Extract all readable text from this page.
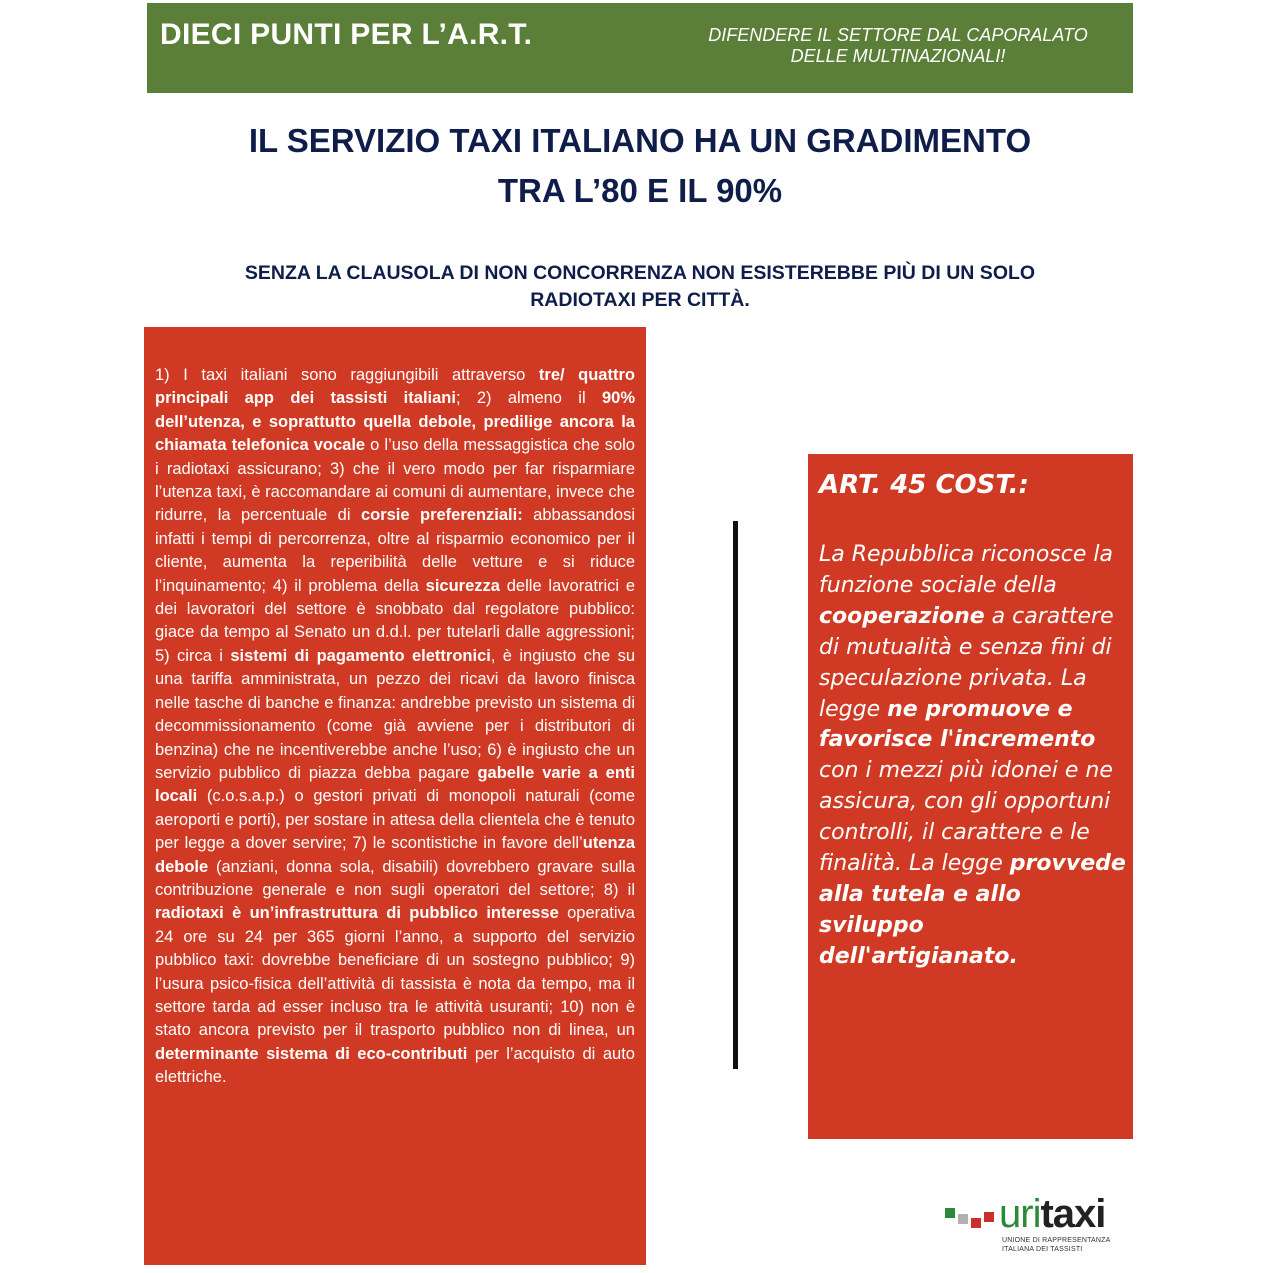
DIECI PUNTI PER L’A.R.T.	DIFENDERE IL SETTORE DAL CAPORALATO
DELLE MULTINAZIONALI!
IL SERVIZIO TAXI ITALIANO HA UN GRADIMENTO
TRA L’80 E IL 90%
SENZA LA CLAUSOLA DI NON CONCORRENZA NON ESISTEREBBE PIÙ DI UN SOLO
RADIOTAXI PER CITTÀ.

1) I taxi italiani sono raggiungibili attraverso tre/ quattro principali app dei tassisti italiani; 2) almeno il 90% dell’utenza, e soprattutto quella debole, predilige ancora la chiamata telefonica vocale o l’uso della messaggistica che solo i radiotaxi assicurano; 3) che il vero modo per far risparmiare l’utenza taxi, è raccomandare ai comuni di aumentare, invece che ridurre, la percentuale di corsie preferenziali: abbassandosi infatti i tempi di percorrenza, oltre al risparmio economico per il cliente, aumenta la reperibilità delle vetture e si riduce l’inquinamento; 4) il problema della sicurezza delle lavoratrici e dei lavoratori del settore è snobbato dal regolatore pubblico: giace da tempo al Senato un d.d.l. per tutelarli dalle aggressioni; 5) circa i sistemi di pagamento elettronici, è ingiusto che su una tariffa amministrata, un pezzo dei ricavi da lavoro finisca nelle tasche di banche e finanza: andrebbe previsto un sistema di decommissionamento (come già avviene per i distributori di benzina) che ne incentiverebbe anche l’uso; 6) è ingiusto che un servizio pubblico di piazza debba pagare gabelle varie a enti locali (c.o.s.a.p.) o gestori privati di monopoli naturali (come aeroporti e porti), per sostare in attesa della clientela che è tenuto per legge a dover servire; 7) le scontistiche in favore dell’utenza debole (anziani, donna sola, disabili) dovrebbero gravare sulla contribuzione generale e non sugli operatori del settore; 8) il radiotaxi è un’infrastruttura di pubblico interesse operativa 24 ore su 24 per 365 giorni l’anno, a supporto del servizio pubblico taxi: dovrebbe beneficiare di un sostegno pubblico; 9) l’usura psico-fisica dell’attività di tassista è nota da tempo, ma il settore tarda ad esser incluso tra le attività usuranti; 10) non è stato ancora previsto per il trasporto pubblico non di linea, un determinante sistema di eco-contributi per l’acquisto di auto elettriche.

ART. 45 COST.:

La Repubblica riconosce la funzione sociale della cooperazione a carattere di mutualità e senza fini di speculazione privata. La legge ne promuove e favorisce l'incremento con i mezzi più idonei e ne assicura, con gli opportuni controlli, il carattere e le finalità. La legge provvede alla tutela e allo sviluppo dell'artigianato.

uritaxi
UNIONE DI RAPPRESENTANZA
ITALIANA DEI TASSISTI
